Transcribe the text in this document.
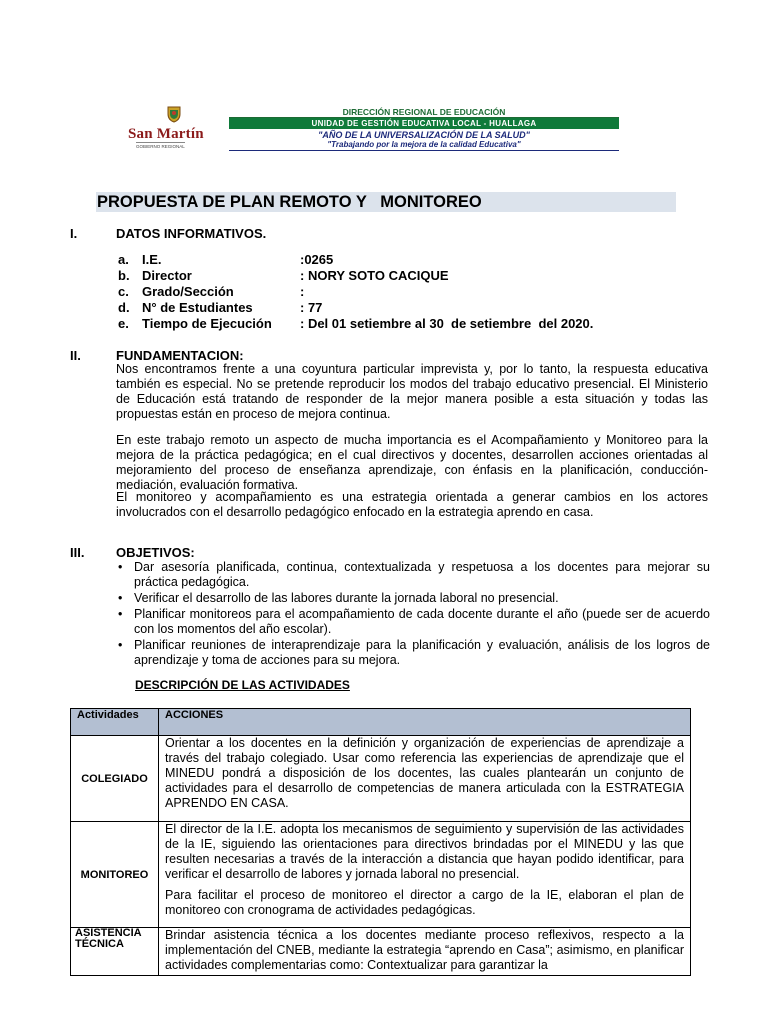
San Martín
GOBIERNO REGIONAL
DIRECCIÓN REGIONAL DE EDUCACIÓN
UNIDAD DE GESTIÓN EDUCATIVA LOCAL - HUALLAGA
"AÑO DE LA UNIVERSALIZACIÓN DE LA SALUD"
"Trabajando por la mejora de la calidad Educativa"
PROPUESTA DE PLAN REMOTO Y   MONITOREO
I.	DATOS INFORMATIVOS.
a. I.E.	:0265
b. Director	: NORY SOTO CACIQUE
c. Grado/Sección	:
d. N° de Estudiantes	: 77
e. Tiempo de Ejecución : Del 01 setiembre al 30  de setiembre  del 2020.
II.	FUNDAMENTACION:
Nos encontramos frente a una coyuntura particular imprevista y, por lo tanto, la respuesta educativa también es especial. No se pretende reproducir los modos del trabajo educativo presencial. El Ministerio de Educación está tratando de responder de la mejor manera posible a esta situación y todas las propuestas están en proceso de mejora continua.
En este trabajo remoto un aspecto de mucha importancia es el Acompañamiento y Monitoreo para la mejora de la práctica pedagógica; en el cual directivos y docentes, desarrollen acciones orientadas al mejoramiento del proceso de enseñanza aprendizaje, con énfasis en la planificación, conducción-mediación, evaluación formativa.
El monitoreo y acompañamiento es una estrategia orientada a generar cambios en los actores involucrados con el desarrollo pedagógico enfocado en la estrategia aprendo en casa.
III. OBJETIVOS:
• Dar asesoría planificada, continua, contextualizada y respetuosa a los docentes para mejorar su práctica pedagógica.
• Verificar el desarrollo de las labores durante la jornada laboral no presencial.
• Planificar monitoreos para el acompañamiento de cada docente durante el año (puede ser de acuerdo con los momentos del año escolar).
• Planificar reuniones de interaprendizaje para la planificación y evaluación, análisis de los logros de aprendizaje y toma de acciones para su mejora.
DESCRIPCIÓN DE LAS ACTIVIDADES
Actividades	ACCIONES
COLEGIADO	Orientar a los docentes en la definición y organización de experiencias de aprendizaje a través del trabajo colegiado. Usar como referencia las experiencias de aprendizaje que el MINEDU pondrá a disposición de los docentes, las cuales plantearán un conjunto de actividades para el desarrollo de competencias de manera articulada con la ESTRATEGIA APRENDO EN CASA.

MONITOREO	El director de la I.E. adopta los mecanismos de seguimiento y supervisión de las actividades de la IE, siguiendo las orientaciones para directivos brindadas por el MINEDU y las que resulten necesarias a través de la interacción a distancia que hayan podido identificar, para verificar el desarrollo de labores y jornada laboral no presencial.

Para facilitar el proceso de monitoreo el director a cargo de la IE, elaboran el plan de monitoreo con cronograma de actividades pedagógicas.

ASISTENCIA TÉCNICA	Brindar asistencia técnica a los docentes mediante proceso reflexivos, respecto a la implementación del CNEB, mediante la estrategia “aprendo en Casa”; asimismo, en planificar actividades complementarias como: Contextualizar para garantizar la
